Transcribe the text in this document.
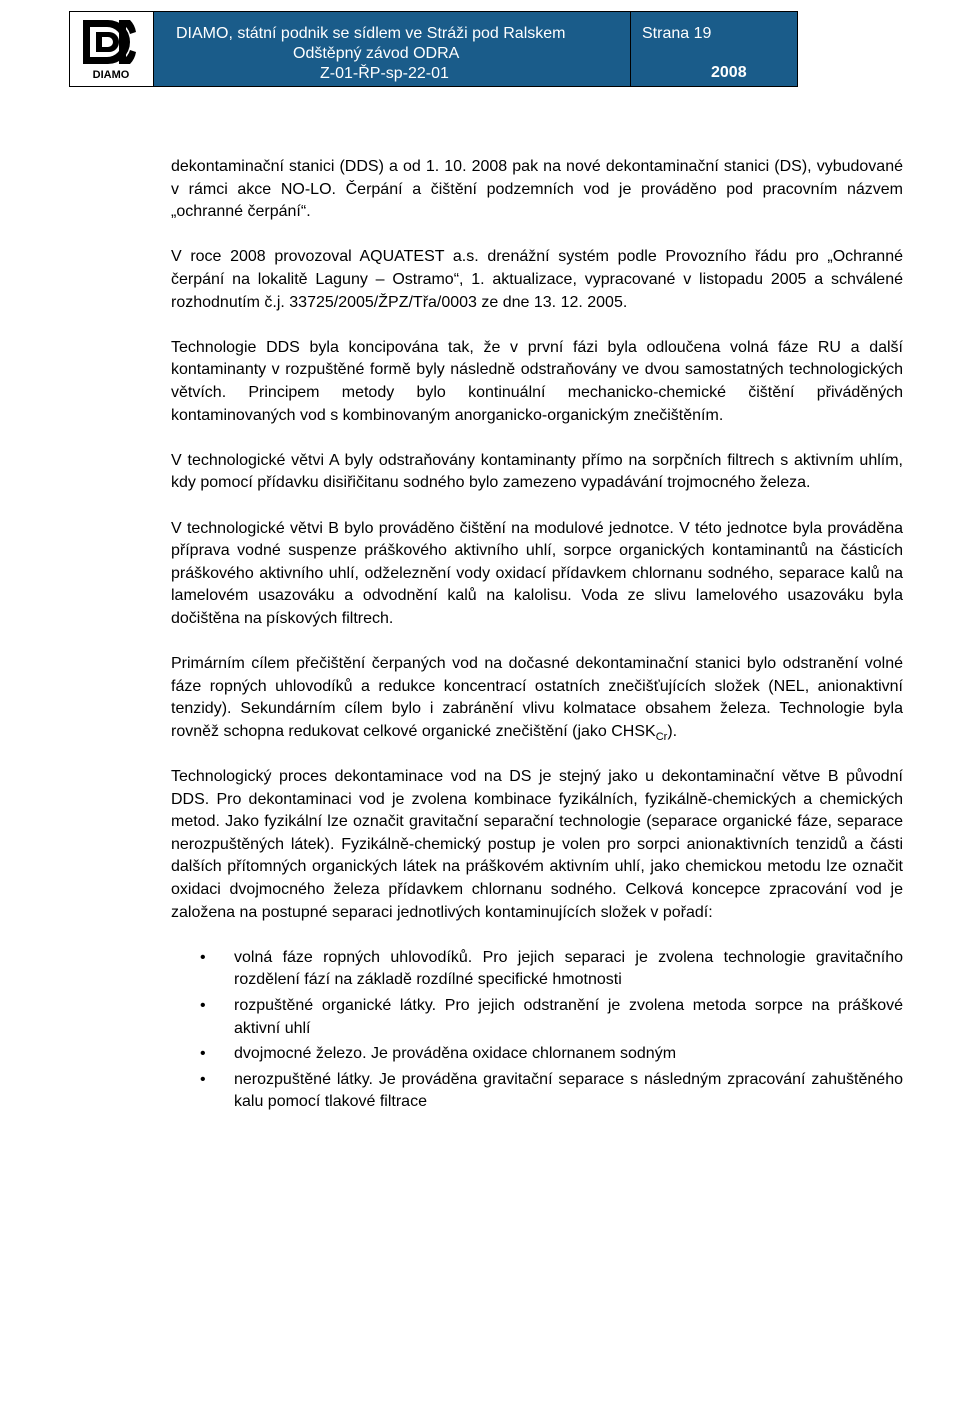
DIAMO
DIAMO, státní podnik se sídlem ve Stráži pod Ralskem
Odštěpný závod ODRA
Z-01-ŘP-sp-22-01
Strana 19
2008

dekontaminační stanici (DDS) a od 1. 10. 2008 pak na nové dekontaminační stanici (DS), vybudované v rámci akce NO-LO. Čerpání a čištění podzemních vod je prováděno pod pracovním názvem „ochranné čerpání“.

V roce 2008 provozoval AQUATEST a.s. drenážní systém podle Provozního řádu pro „Ochranné čerpání na lokalitě Laguny – Ostramo“, 1. aktualizace, vypracované v listopadu 2005 a schválené rozhodnutím č.j. 33725/2005/ŽPZ/Třa/0003 ze dne 13. 12. 2005.

Technologie DDS byla koncipována tak, že v první fázi byla odloučena volná fáze RU a další kontaminanty v rozpuštěné formě byly následně odstraňovány ve dvou samostatných technologických větvích. Principem metody bylo kontinuální mechanicko-chemické čištění přiváděných kontaminovaných vod s kombinovaným anorganicko-organickým znečištěním.

V technologické větvi A byly odstraňovány kontaminanty přímo na sorpčních filtrech s aktivním uhlím, kdy pomocí přídavku disiřičitanu sodného bylo zamezeno vypadávání trojmocného železa.

V technologické větvi B bylo prováděno čištění na modulové jednotce. V této jednotce byla prováděna příprava vodné suspenze práškového aktivního uhlí, sorpce organických kontaminantů na částicích práškového aktivního uhlí, odželeznění vody oxidací přídavkem chlornanu sodného, separace kalů na lamelovém usazováku a odvodnění kalů na kalolisu. Voda ze slivu lamelového usazováku byla dočištěna na pískových filtrech.

Primárním cílem přečištění čerpaných vod na dočasné dekontaminační stanici bylo odstranění volné fáze ropných uhlovodíků a redukce koncentrací ostatních znečišťujících složek (NEL, anionaktivní tenzidy). Sekundárním cílem bylo i zabránění vlivu kolmatace obsahem železa. Technologie byla rovněž schopna redukovat celkové organické znečištění (jako $CHSK_{Cr}$).

Technologický proces dekontaminace vod na DS je stejný jako u dekontaminační větve B původní DDS. Pro dekontaminaci vod je zvolena kombinace fyzikálních, fyzikálně-chemických a chemických metod. Jako fyzikální lze označit gravitační separační technologie (separace organické fáze, separace nerozpuštěných látek). Fyzikálně-chemický postup je volen pro sorpci anionaktivních tenzidů a části dalších přítomných organických látek na práškovém aktivním uhlí, jako chemickou metodu lze označit oxidaci dvojmocného železa přídavkem chlornanu sodného. Celková koncepce zpracování vod je založena na postupné separaci jednotlivých kontaminujících složek v pořadí:

• volná fáze ropných uhlovodíků. Pro jejich separaci je zvolena technologie gravitačního rozdělení fází na základě rozdílné specifické hmotnosti
• rozpuštěné organické látky. Pro jejich odstranění je zvolena metoda sorpce na práškové aktivní uhlí
• dvojmocné železo. Je prováděna oxidace chlornanem sodným
• nerozpuštěné látky. Je prováděna gravitační separace s následným zpracování zahuštěného kalu pomocí tlakové filtrace
